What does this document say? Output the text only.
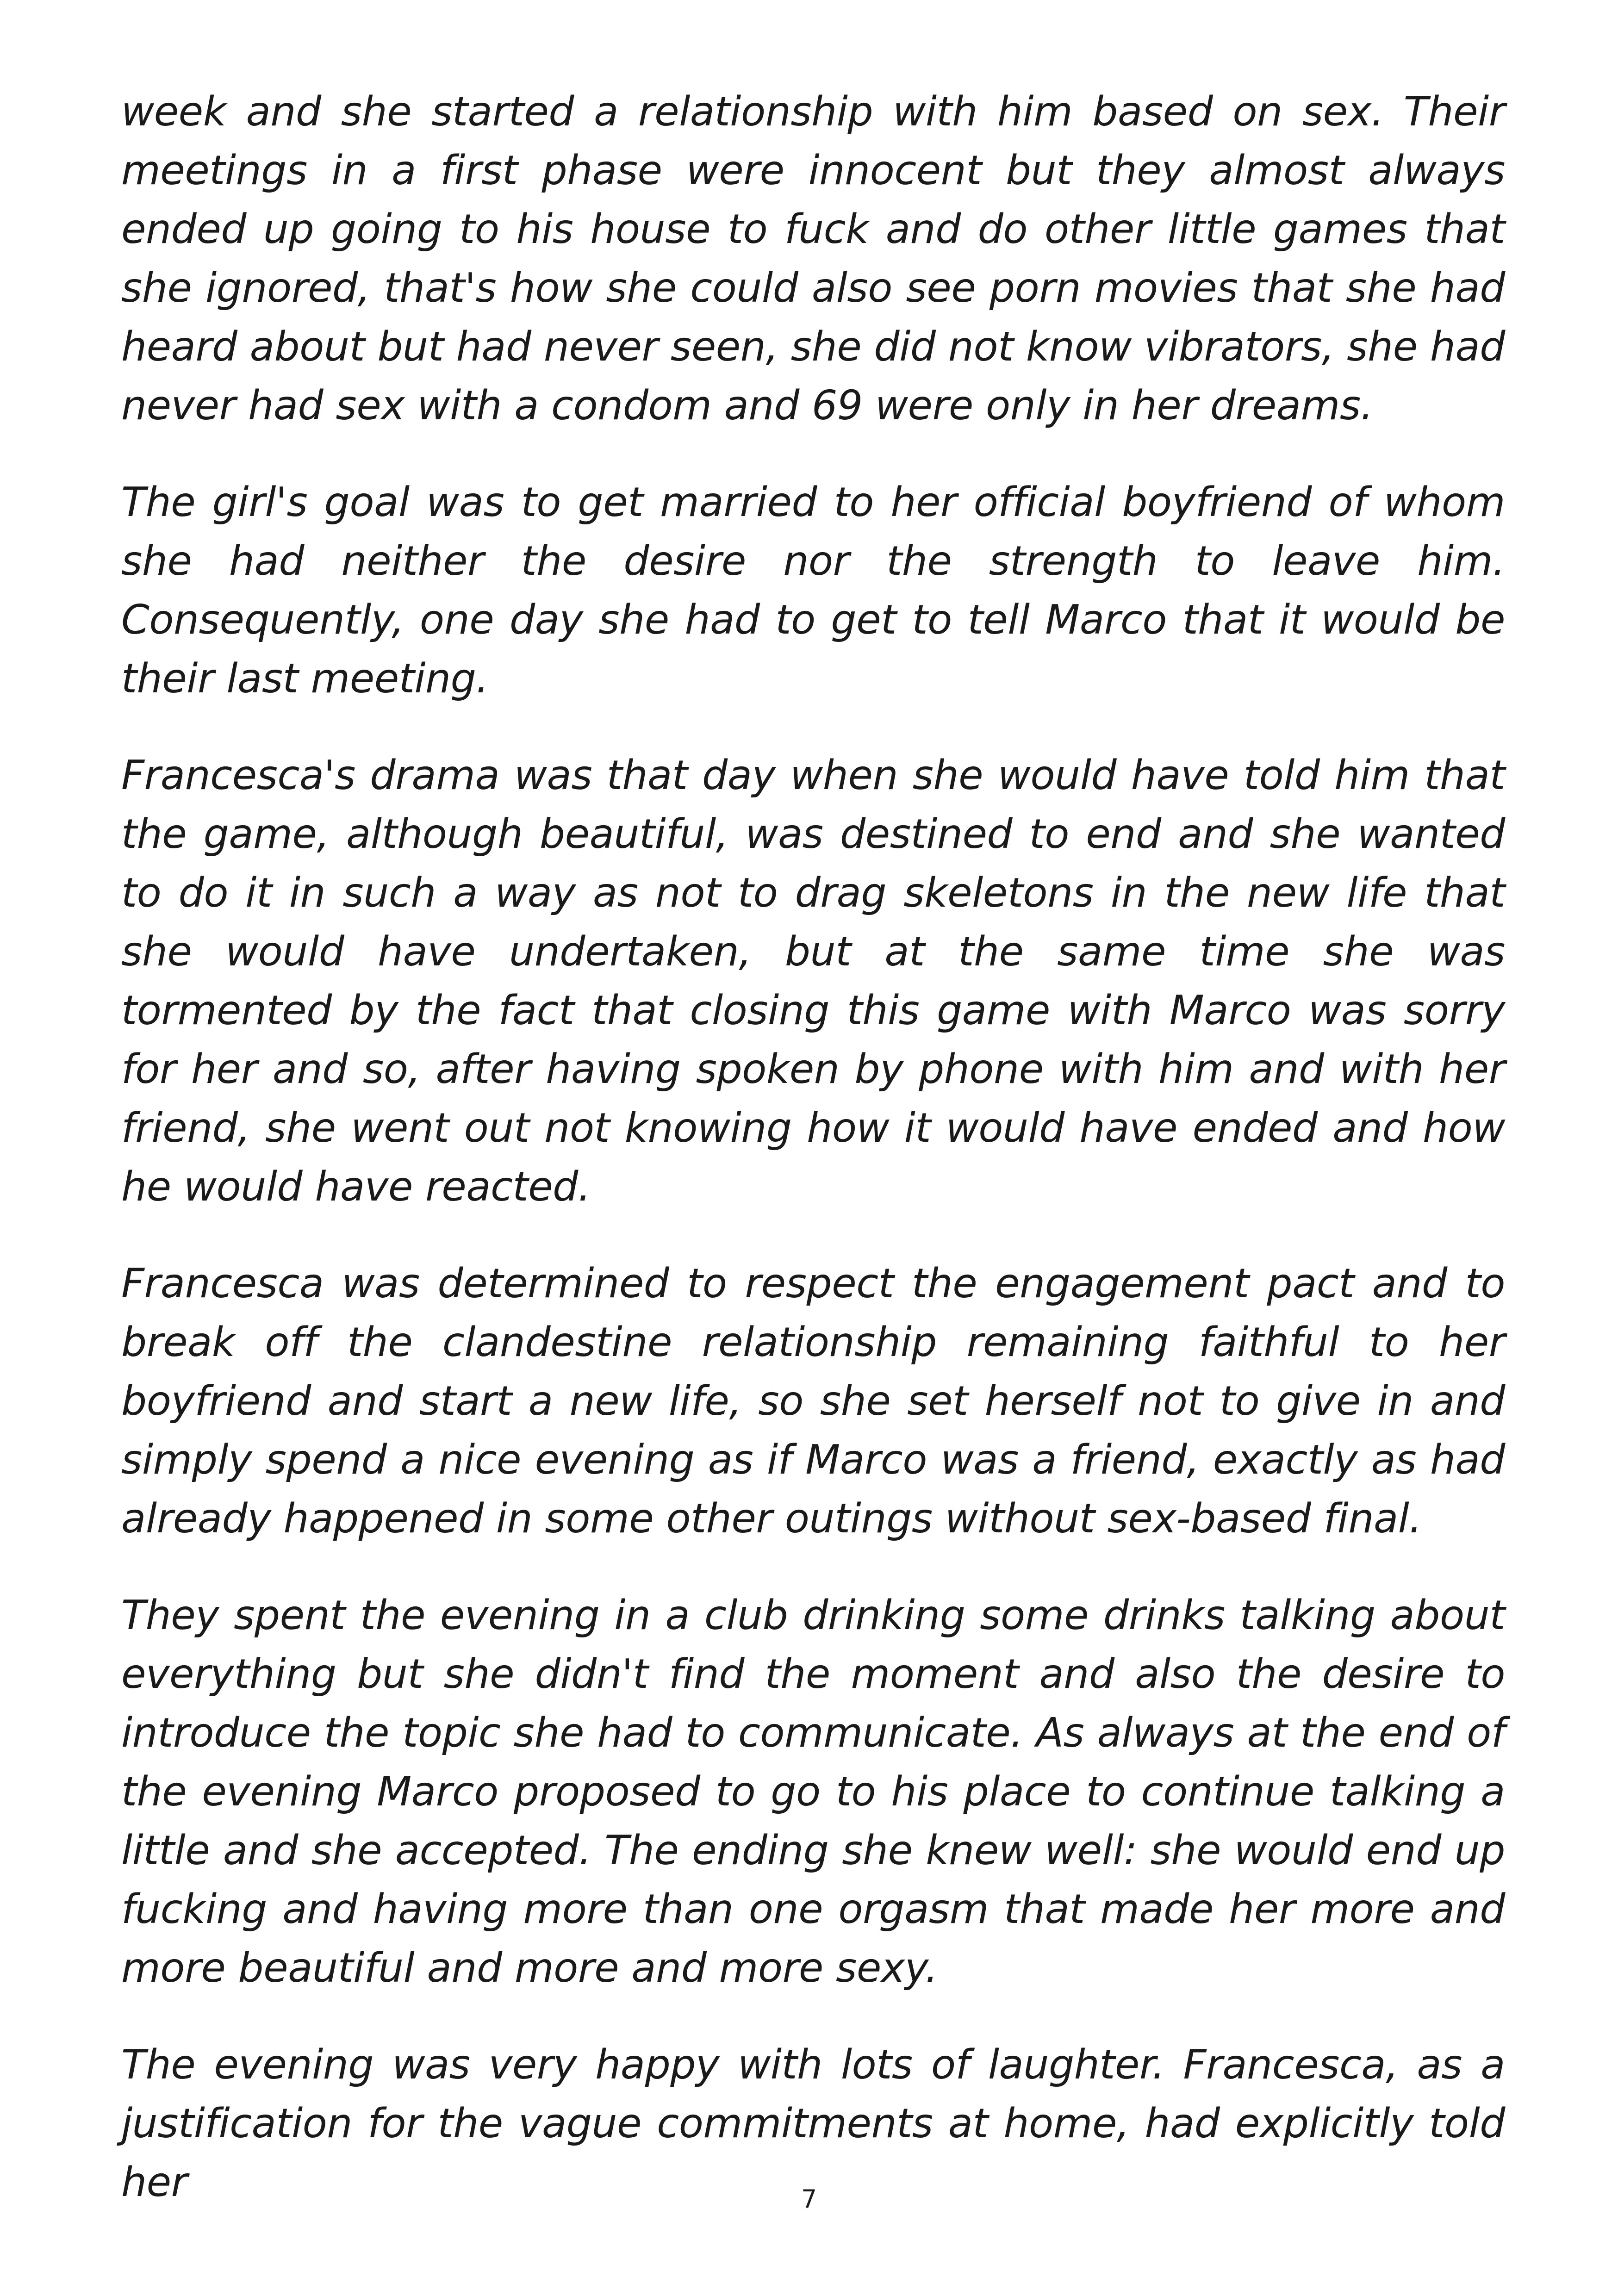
week and she started a relationship with him based on sex. Their meetings in a first phase were innocent but they almost always ended up going to his house to fuck and do other little games that she ignored, that's how she could also see porn movies that she had heard about but had never seen, she did not know vibrators, she had never had sex with a condom and 69 were only in her dreams.

The girl's goal was to get married to her official boyfriend of whom she had neither the desire nor the strength to leave him. Consequently, one day she had to get to tell Marco that it would be their last meeting.

Francesca's drama was that day when she would have told him that the game, although beautiful, was destined to end and she wanted to do it in such a way as not to drag skeletons in the new life that she would have undertaken, but at the same time she was tormented by the fact that closing this game with Marco was sorry for her and so, after having spoken by phone with him and with her friend, she went out not knowing how it would have ended and how he would have reacted.

Francesca was determined to respect the engagement pact and to break off the clandestine relationship remaining faithful to her boyfriend and start a new life, so she set herself not to give in and simply spend a nice evening as if Marco was a friend, exactly as had already happened in some other outings without sex-based final.

They spent the evening in a club drinking some drinks talking about everything but she didn't find the moment and also the desire to introduce the topic she had to communicate. As always at the end of the evening Marco proposed to go to his place to continue talking a little and she accepted. The ending she knew well: she would end up fucking and having more than one orgasm that made her more and more beautiful and more and more sexy.

The evening was very happy with lots of laughter. Francesca, as a justification for the vague commitments at home, had explicitly told her	7
